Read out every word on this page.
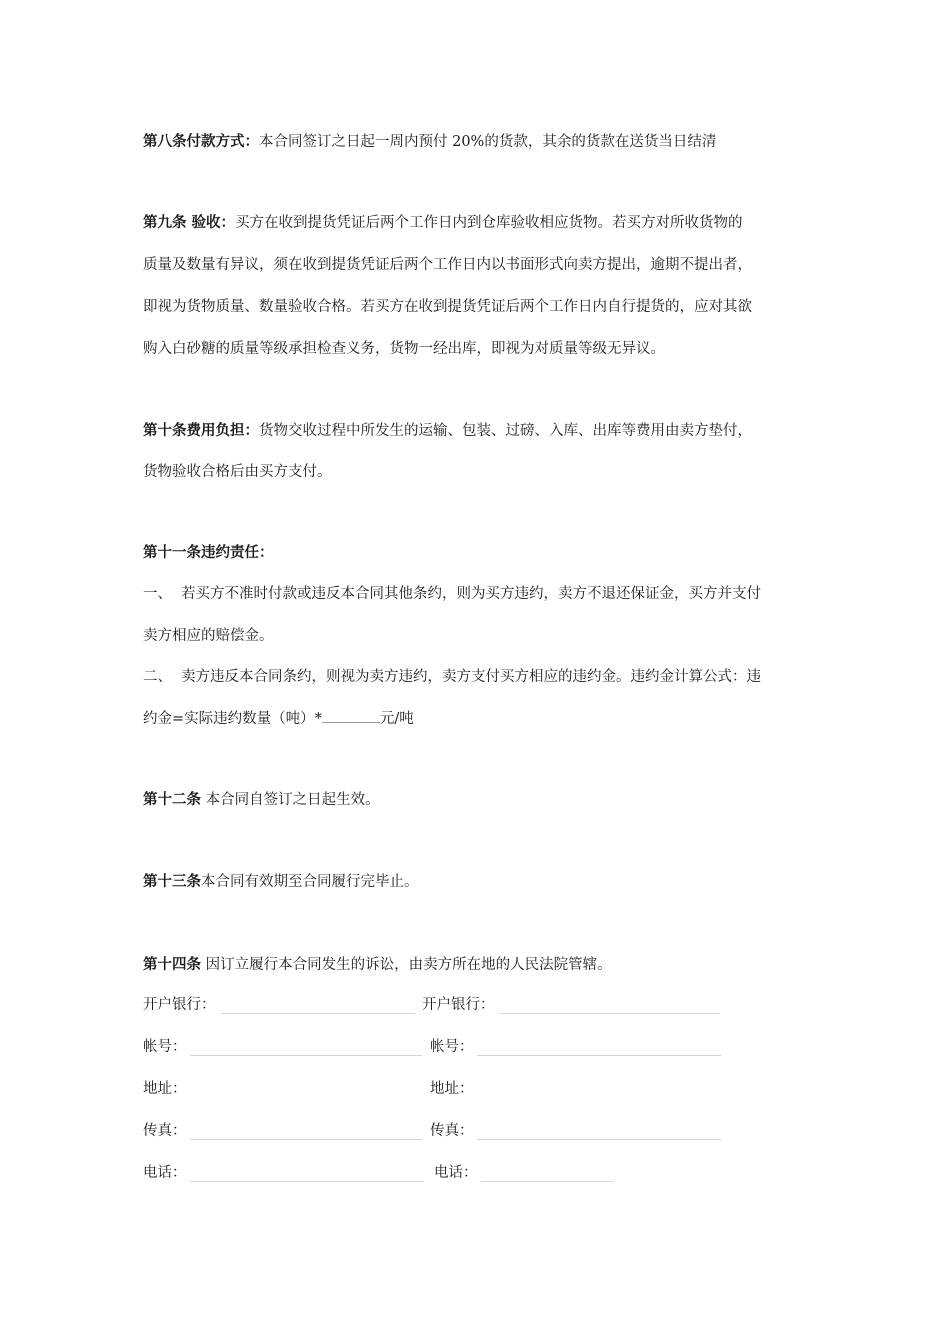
第八条付款方式：本合同签订之日起一周内预付 20%的货款，其余的货款在送货当日结清
第九条 验收：买方在收到提货凭证后两个工作日内到仓库验收相应货物。若买方对所收货物的
质量及数量有异议，须在收到提货凭证后两个工作日内以书面形式向卖方提出，逾期不提出者，
即视为货物质量、数量验收合格。若买方在收到提货凭证后两个工作日内自行提货的，应对其欲
购入白砂糖的质量等级承担检查义务，货物一经出库，即视为对质量等级无异议。
第十条费用负担：货物交收过程中所发生的运输、包装、过磅、入库、出库等费用由卖方垫付，
货物验收合格后由买方支付。
第十一条违约责任：
一、 若买方不准时付款或违反本合同其他条约，则为买方违约，卖方不退还保证金，买方并支付
卖方相应的赔偿金。
二、 卖方违反本合同条约，则视为卖方违约，卖方支付买方相应的违约金。违约金计算公式：违
约金=实际违约数量（吨）*	元/吨
第十二条 本合同自签订之日起生效。
第十三条本合同有效期至合同履行完毕止。
第十四条 因订立履行本合同发生的诉讼，由卖方所在地的人民法院管辖。
开户银行：	开户银行：
帐号：	帐号：
地址：	地址：
传真：	传真：
电话：	电话：
